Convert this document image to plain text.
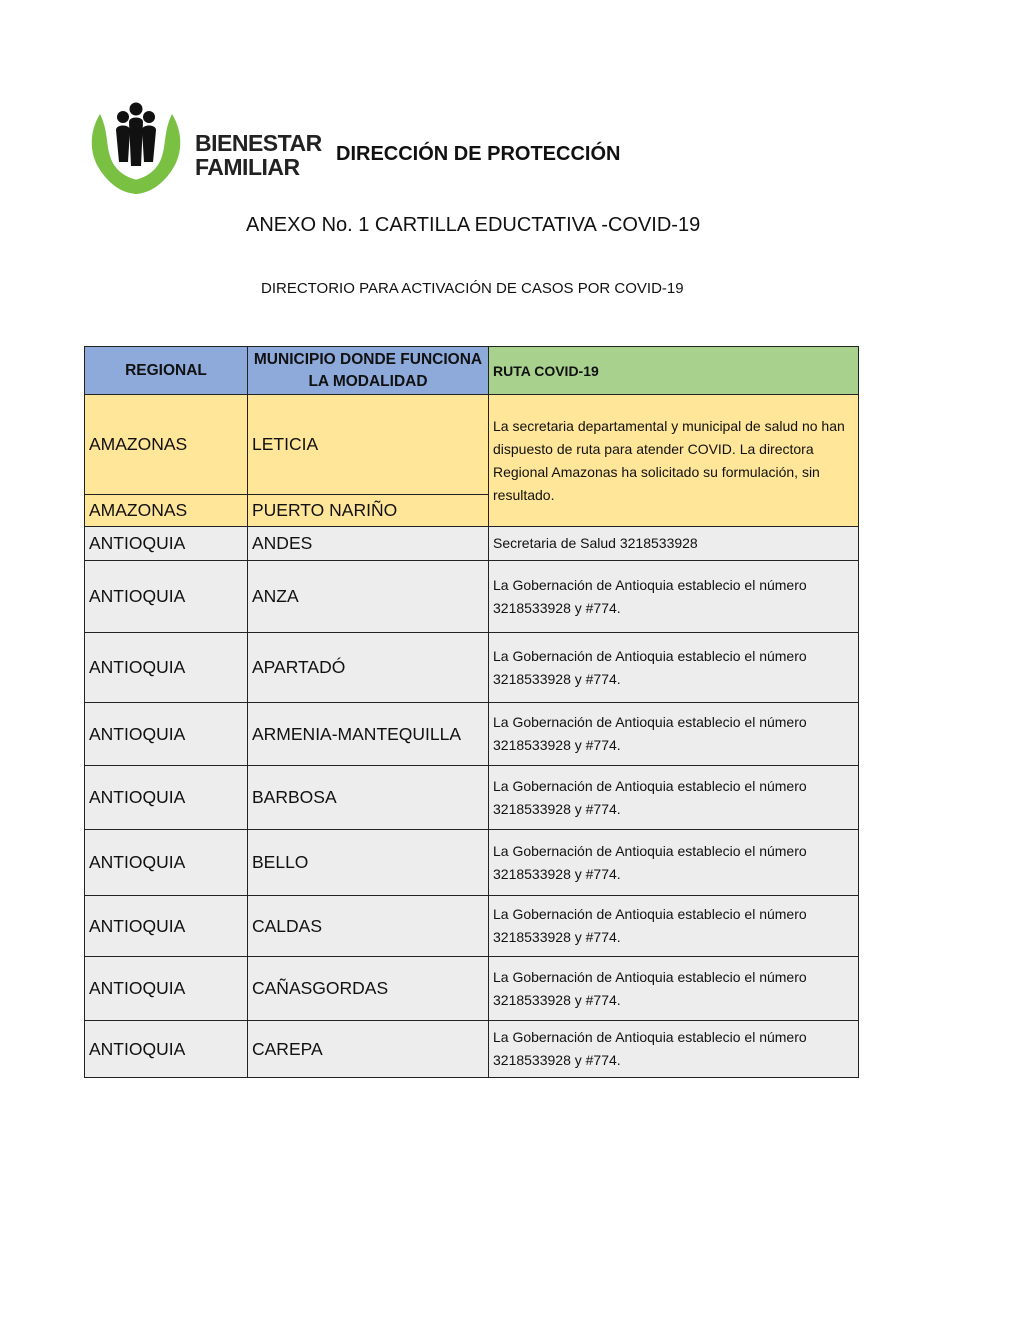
BIENESTAR
FAMILIAR DIRECCIÓN DE PROTECCIÓN
ANEXO No. 1 CARTILLA EDUCTATIVA -COVID-19
DIRECTORIO PARA ACTIVACIÓN DE CASOS POR COVID-19
REGIONAL	MUNICIPIO DONDE FUNCIONA LA MODALIDAD	RUTA COVID-19
AMAZONAS	LETICIA	La secretaria departamental y municipal de salud no han dispuesto de ruta para atender COVID. La directora Regional Amazonas ha solicitado su formulación, sin resultado.
AMAZONAS	PUERTO NARIÑO	
ANTIOQUIA	ANDES	Secretaria de Salud 3218533928
ANTIOQUIA	ANZA	La Gobernación de Antioquia establecio el número 3218533928 y #774.
ANTIOQUIA	APARTADÓ	La Gobernación de Antioquia establecio el número 3218533928 y #774.
ANTIOQUIA	ARMENIA-MANTEQUILLA	La Gobernación de Antioquia establecio el número 3218533928 y #774.
ANTIOQUIA	BARBOSA	La Gobernación de Antioquia establecio el número 3218533928 y #774.
ANTIOQUIA	BELLO	La Gobernación de Antioquia establecio el número 3218533928 y #774.
ANTIOQUIA	CALDAS	La Gobernación de Antioquia establecio el número 3218533928 y #774.
ANTIOQUIA	CAÑASGORDAS	La Gobernación de Antioquia establecio el número 3218533928 y #774.
ANTIOQUIA	CAREPA	La Gobernación de Antioquia establecio el número 3218533928 y #774.
